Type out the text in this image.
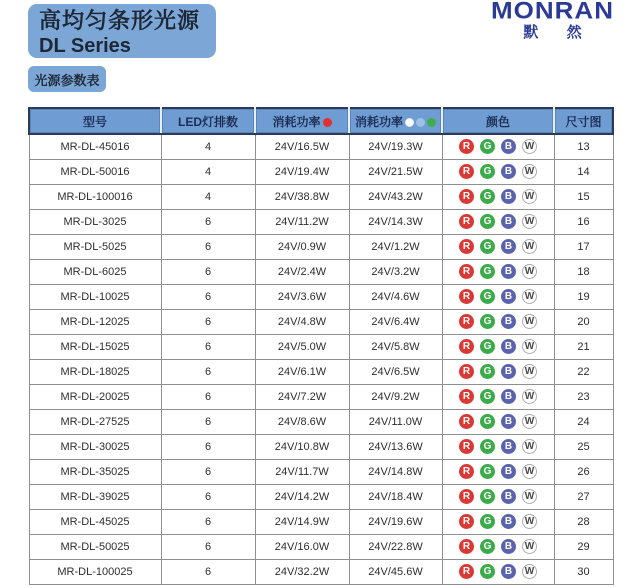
高均匀条形光源
DL Series
MONRAN
默 然
光源参数表
型号	LED灯排数	消耗功率	消耗功率	颜色	尺寸图
MR-DL-45016	4	24V/16.5W	24V/19.3W	R G B W	13
MR-DL-50016	4	24V/19.4W	24V/21.5W	R G B W	14
MR-DL-100016	4	24V/38.8W	24V/43.2W	R G B W	15
MR-DL-3025	6	24V/11.2W	24V/14.3W	R G B W	16
MR-DL-5025	6	24V/0.9W	24V/1.2W	R G B W	17
MR-DL-6025	6	24V/2.4W	24V/3.2W	R G B W	18
MR-DL-10025	6	24V/3.6W	24V/4.6W	R G B W	19
MR-DL-12025	6	24V/4.8W	24V/6.4W	R G B W	20
MR-DL-15025	6	24V/5.0W	24V/5.8W	R G B W	21
MR-DL-18025	6	24V/6.1W	24V/6.5W	R G B W	22
MR-DL-20025	6	24V/7.2W	24V/9.2W	R G B W	23
MR-DL-27525	6	24V/8.6W	24V/11.0W	R G B W	24
MR-DL-30025	6	24V/10.8W	24V/13.6W	R G B W	25
MR-DL-35025	6	24V/11.7W	24V/14.8W	R G B W	26
MR-DL-39025	6	24V/14.2W	24V/18.4W	R G B W	27
MR-DL-45025	6	24V/14.9W	24V/19.6W	R G B W	28
MR-DL-50025	6	24V/16.0W	24V/22.8W	R G B W	29
MR-DL-100025	6	24V/32.2W	24V/45.6W	R G B W	30
